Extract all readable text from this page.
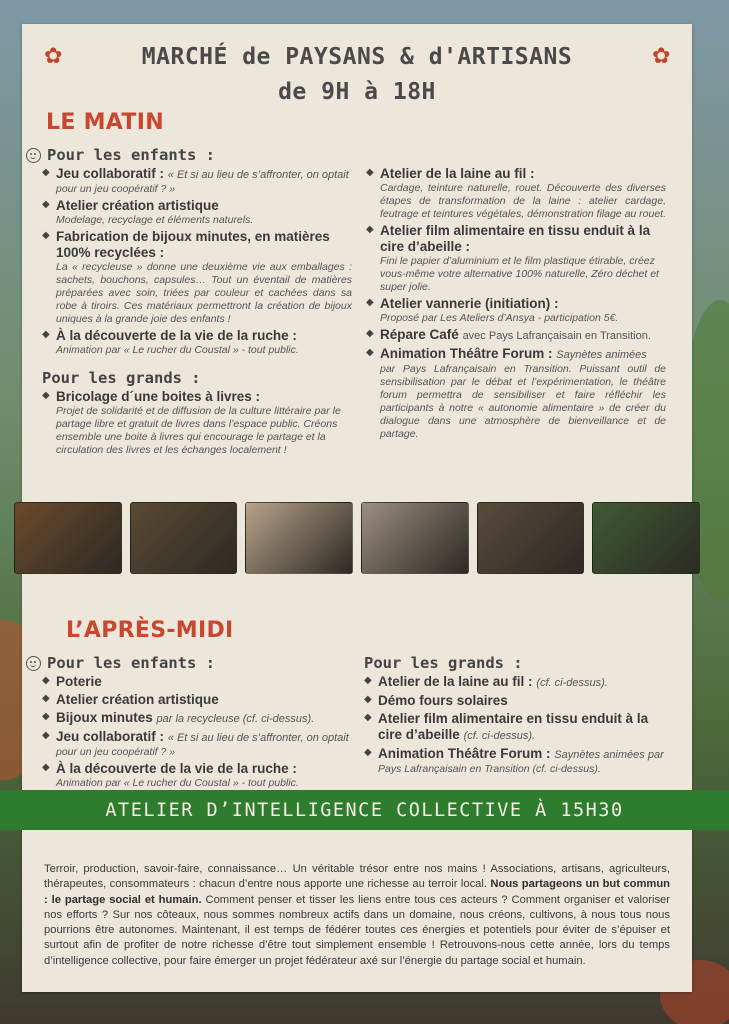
✿	✿
MARCHÉ de PAYSANS & d'ARTISANS
de 9H à 18H
LE MATIN
Pour les enfants :
◆ Jeu collaboratif : « Et si au lieu de s’affronter, on optait
pour un jeu coopératif ? »
◆ Atelier création artistique
Modelage, recyclage et éléments naturels.
◆ Fabrication de bijoux minutes, en matières 100% recyclées :
La « recycleuse » donne une deuxième vie aux emballages : sachets, bouchons, capsules… Tout un éventail de matières préparées avec soin, triées par couleur et cachées dans sa robe à tiroirs. Ces matériaux permettront la création de bijoux uniques à la grande joie des enfants !
◆ À la découverte de la vie de la ruche :
Animation par « Le rucher du Coustal » - tout public.
Pour les grands :
◆ Bricolage d´une boites à livres :
Projet de solidarité et de diffusion de la culture littéraire par le partage libre et gratuit de livres dans l’espace public. Créons ensemble une boite à livres qui encourage le partage et la circulation des livres et les échanges localement !
◆ Atelier de la laine au fil :
Cardage, teinture naturelle, rouet. Découverte des diverses étapes de transformation de la laine : atelier cardage, feutrage et teintures végétales, démonstration filage au rouet.
◆ Atelier film alimentaire en tissu enduit à la cire d’abeille :
Fini le papier d’aluminium et le film plastique étirable, créez vous-même votre alternative 100% naturelle, Zéro déchet et super jolie.
◆ Atelier vannerie (initiation) :
Proposé par Les Ateliers d’Ansya - participation 5€.
◆ Répare Café avec Pays Lafrançaisain en Transition.
◆ Animation Théâtre Forum : Saynètes animées
par Pays Lafrançaisain en Transition. Puissant outil de sensibilisation par le débat et l’expérimentation, le théâtre forum permettra de sensibiliser et faire réfléchir les participants à notre « autonomie alimentaire » de créer du dialogue dans une atmosphère de bienveillance et de partage.
L’APRÈS-MIDI
Pour les enfants :
◆ Poterie
◆ Atelier création artistique
◆ Bijoux minutes par la recycleuse (cf. ci-dessus).
◆ Jeu collaboratif : « Et si au lieu de s’affronter, on optait
pour un jeu coopératif ? »
◆ À la découverte de la vie de la ruche :
Animation par « Le rucher du Coustal » - tout public.
Pour les grands :
◆ Atelier de la laine au fil : (cf. ci-dessus).
◆ Démo fours solaires
◆ Atelier film alimentaire en tissu enduit à la cire d’abeille (cf. ci-dessus).
◆ Animation Théâtre Forum : Saynètes animées par
Pays Lafrançaisain en Transition (cf. ci-dessus).
Terroir, production, savoir-faire, connaissance… Un véritable trésor entre nos mains ! Associations, artisans, agriculteurs, thérapeutes, consommateurs : chacun d’entre nous apporte une richesse au terroir local. Nous partageons un but commun : le partage social et humain. Comment penser et tisser les liens entre tous ces acteurs ? Comment organiser et valoriser nos efforts ? Sur nos côteaux, nous sommes nombreux actifs dans un domaine, nous créons, cultivons, à nous tous nous pourrions être autonomes. Maintenant, il est temps de fédérer toutes ces énergies et potentiels pour éviter de s’épuiser et surtout afin de profiter de notre richesse d’être tout simplement ensemble ! Retrouvons-nous cette année, lors du temps d’intelligence collective, pour faire émerger un projet fédérateur axé sur l’énergie du partage social et humain.
ATELIER D’INTELLIGENCE COLLECTIVE À 15H30
